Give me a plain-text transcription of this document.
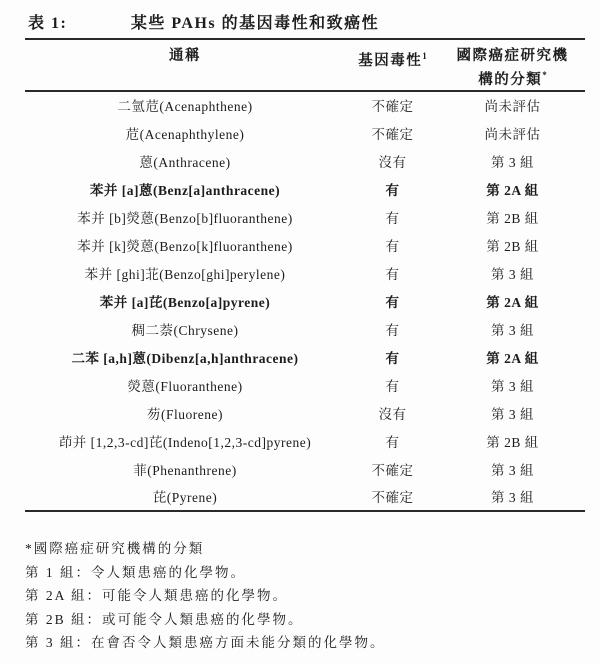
表 1:	某些 PAHs 的基因毒性和致癌性
通稱	基因毒性$^1$	國際癌症研究機構的分類*
二氫苊(Acenaphthene)	不確定	尚未評估
苊(Acenaphthylene)	不確定	尚未評估
蒽(Anthracene)	沒有	第 3 組
苯并 [a]蒽(Benz[a]anthracene)	有	第 2A 組
苯并 [b]熒蒽(Benzo[b]fluoranthene)	有	第 2B 組
苯并 [k]熒蒽(Benzo[k]fluoranthene)	有	第 2B 組
苯并 [ghi]苝(Benzo[ghi]perylene)	有	第 3 組
苯并 [a]芘(Benzo[a]pyrene)	有	第 2A 組
稠二萘(Chrysene)	有	第 3 組
二苯 [a,h]蒽(Dibenz[a,h]anthracene)	有	第 2A 組
熒蒽(Fluoranthene)	有	第 3 組
芴(Fluorene)	沒有	第 3 組
茚并 [1,2,3-cd]芘(Indeno[1,2,3-cd]pyrene)	有	第 2B 組
菲(Phenanthrene)	不確定	第 3 組
芘(Pyrene)	不確定	第 3 組
*國際癌症研究機構的分類
第 1 組：令人類患癌的化學物。
第 2A 組：可能令人類患癌的化學物。
第 2B 組：或可能令人類患癌的化學物。
第 3 組：在會否令人類患癌方面未能分類的化學物。
